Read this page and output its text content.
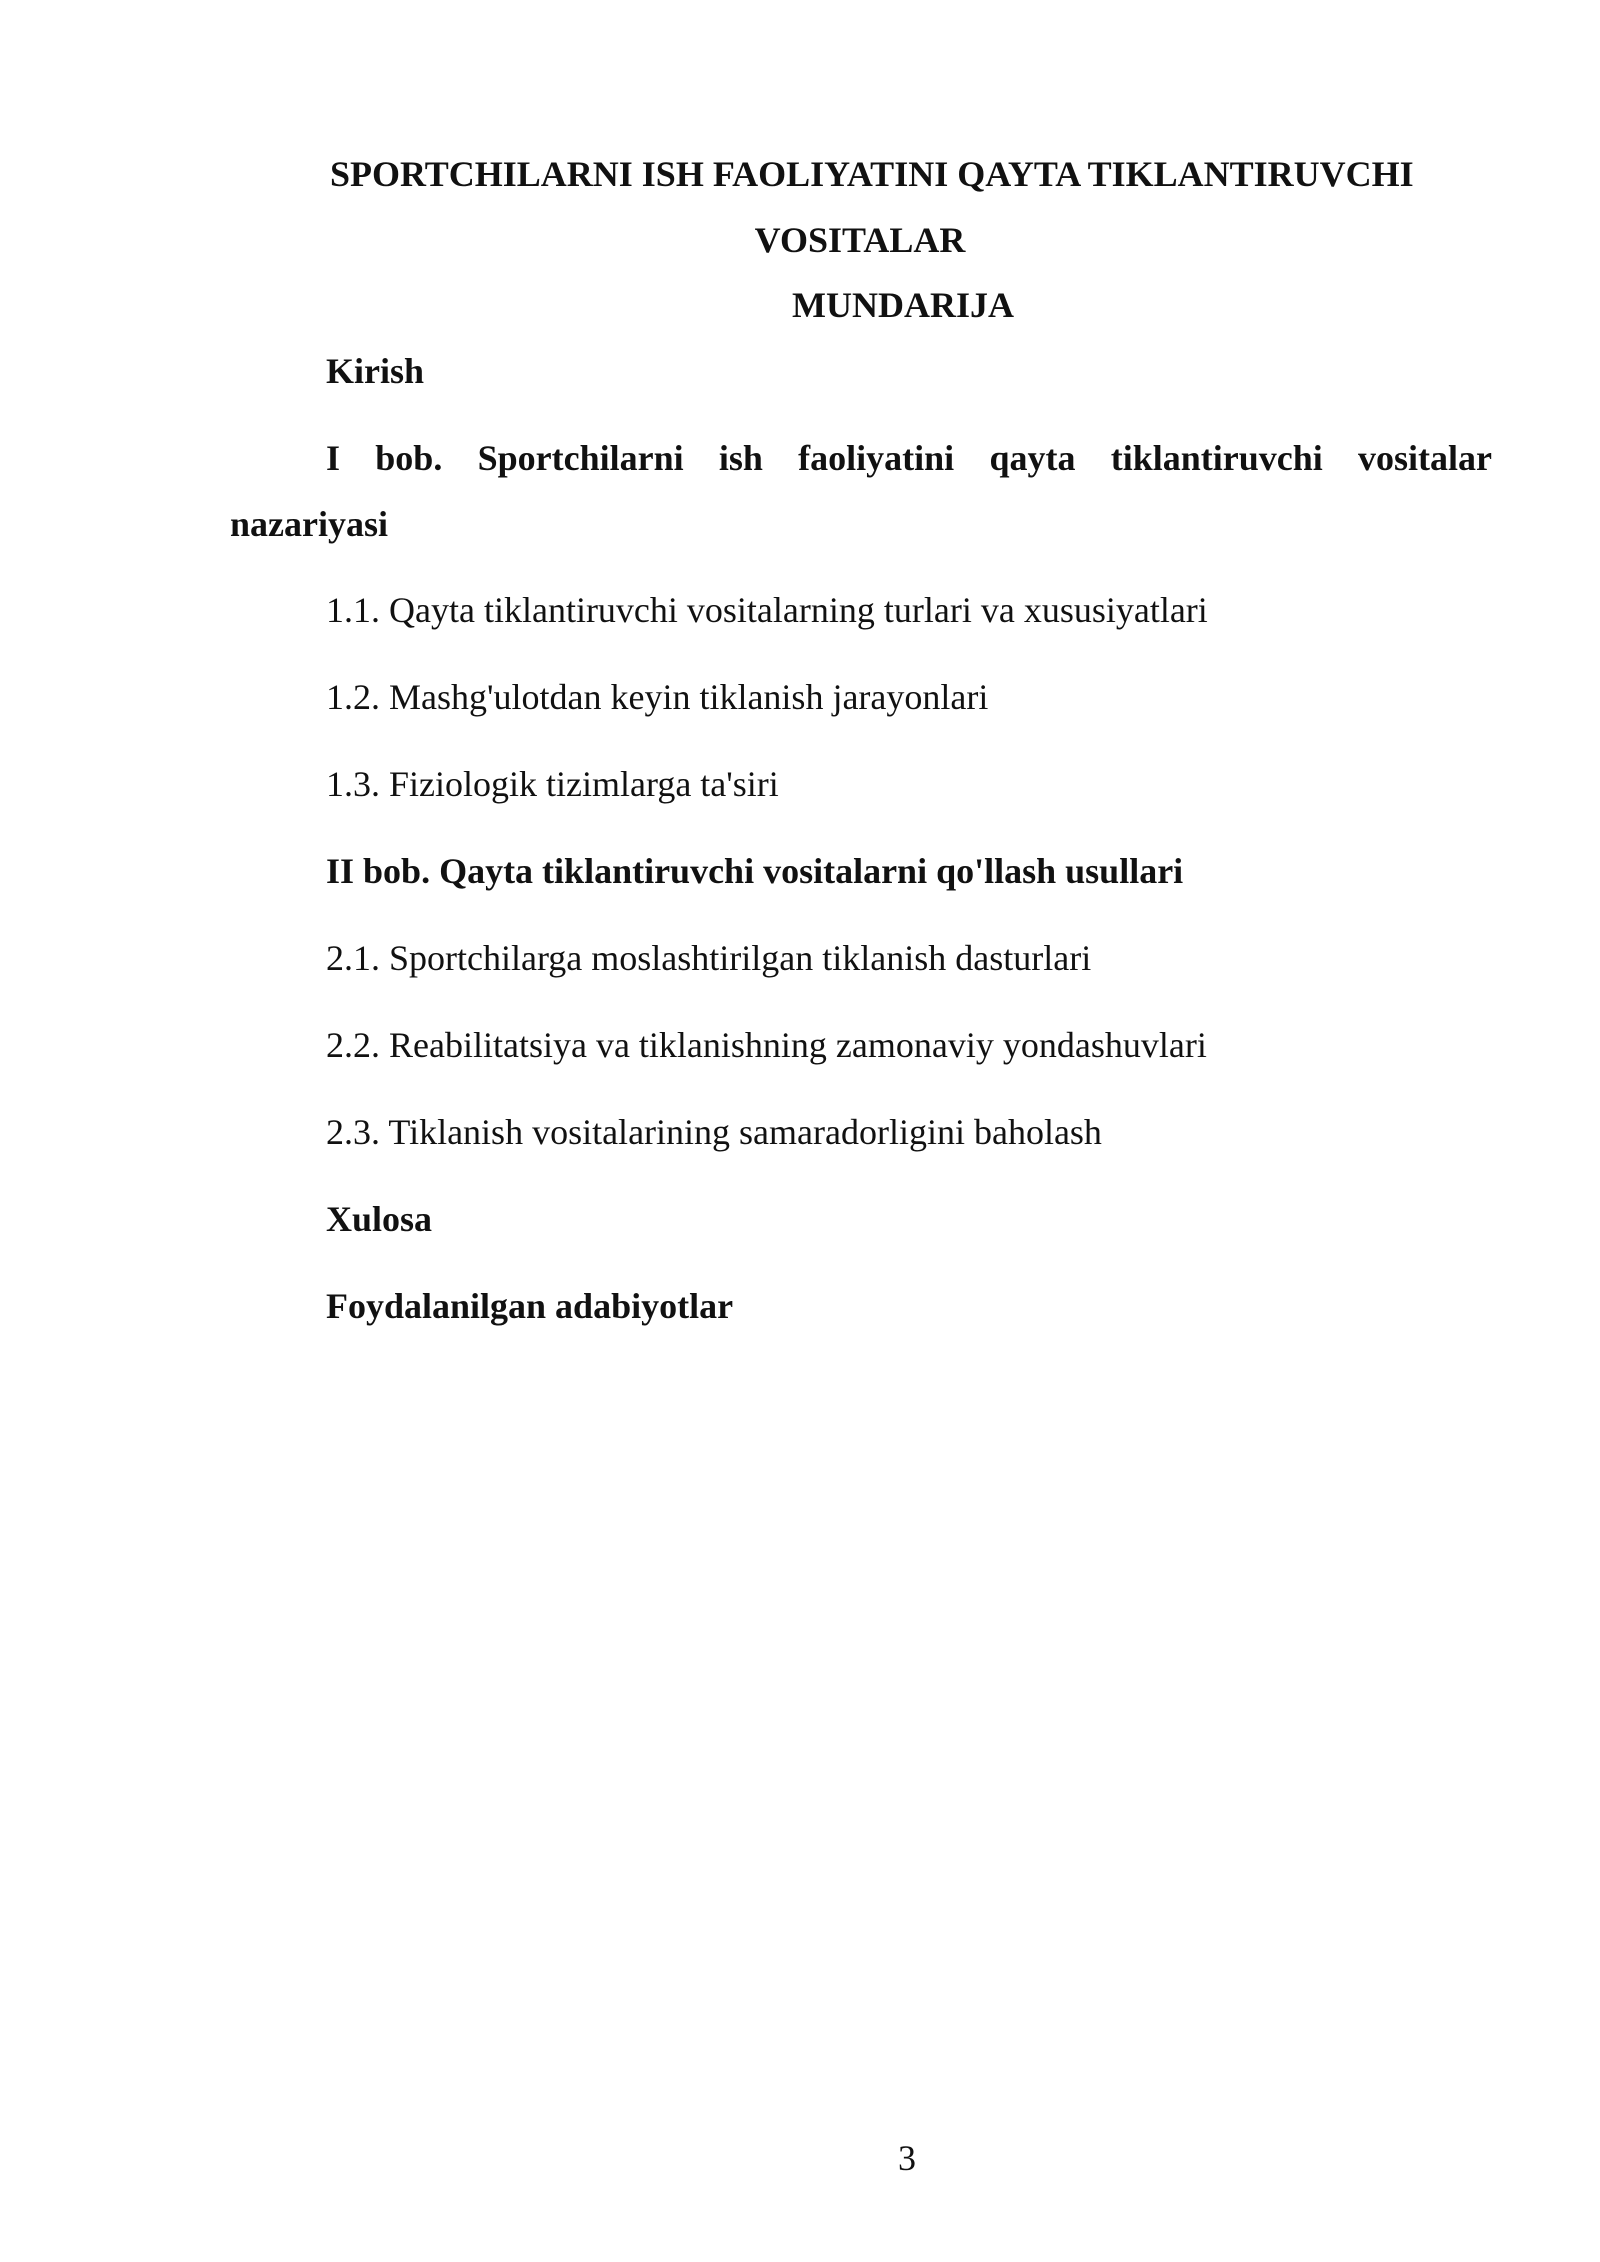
SPORTCHILARNI ISH FAOLIYATINI QAYTA TIKLANTIRUVCHI
VOSITALAR
MUNDARIJA
Kirish
I bob. Sportchilarni ish faoliyatini qayta tiklantiruvchi vositalar
nazariyasi
1.1. Qayta tiklantiruvchi vositalarning turlari va xususiyatlari
1.2. Mashg'ulotdan keyin tiklanish jarayonlari
1.3. Fiziologik tizimlarga ta'siri
II bob. Qayta tiklantiruvchi vositalarni qo'llash usullari
2.1. Sportchilarga moslashtirilgan tiklanish dasturlari
2.2. Reabilitatsiya va tiklanishning zamonaviy yondashuvlari
2.3. Tiklanish vositalarining samaradorligini baholash
Xulosa
Foydalanilgan adabiyotlar
3
